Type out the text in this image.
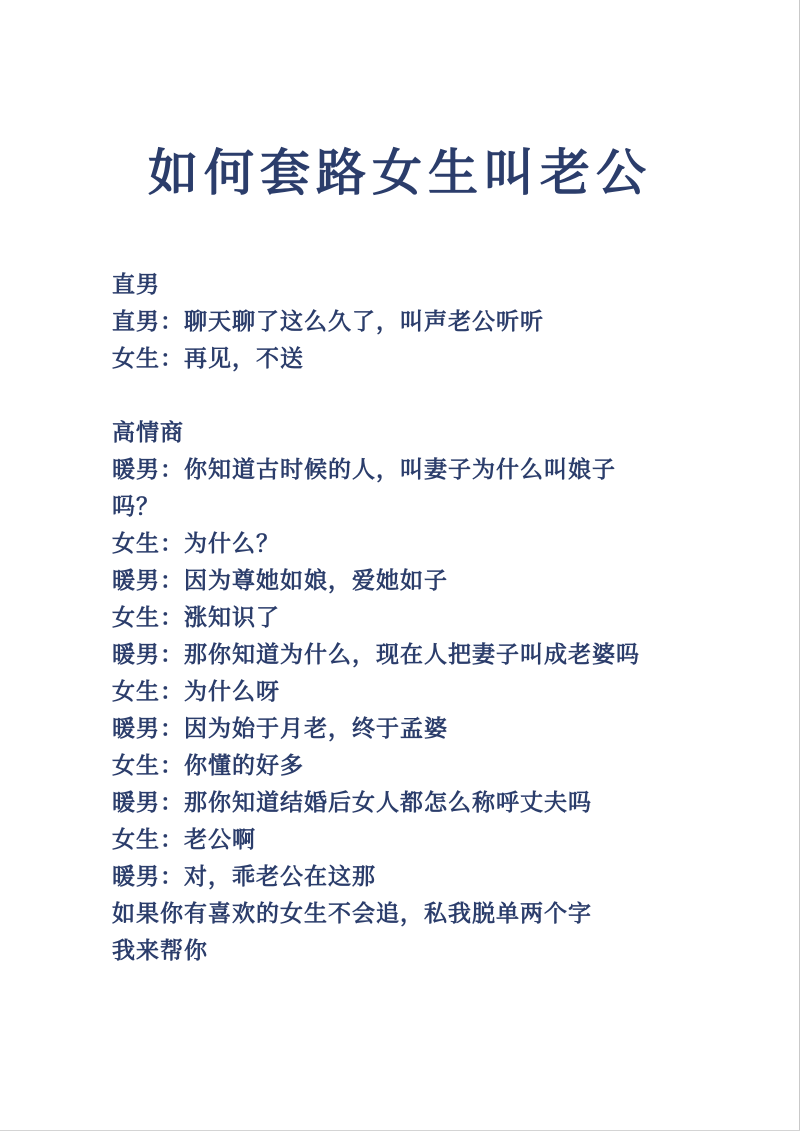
如何套路女生叫老公
直男
直男：聊天聊了这么久了，叫声老公听听
女生：再见，不送
高情商
暖男：你知道古时候的人，叫妻子为什么叫娘子
吗？
女生：为什么？
暖男：因为尊她如娘，爱她如子
女生：涨知识了
暖男：那你知道为什么，现在人把妻子叫成老婆吗
女生：为什么呀
暖男：因为始于月老，终于孟婆
女生：你懂的好多
暖男：那你知道结婚后女人都怎么称呼丈夫吗
女生：老公啊
暖男：对，乖老公在这那
如果你有喜欢的女生不会追，私我脱单两个字
我来帮你
